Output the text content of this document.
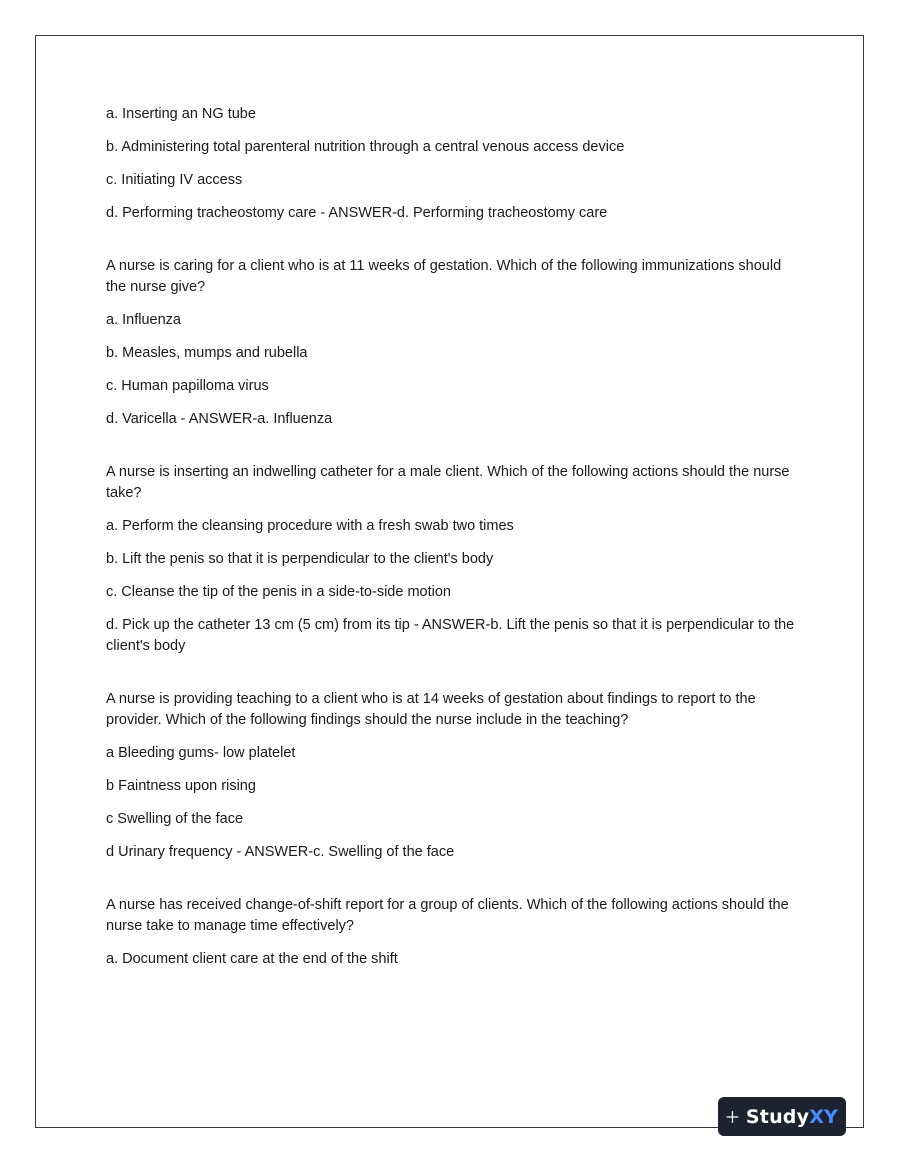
a. Inserting an NG tube

b. Administering total parenteral nutrition through a central venous access device

c. Initiating IV access

d. Performing tracheostomy care - ANSWER-d. Performing tracheostomy care

A nurse is caring for a client who is at 11 weeks of gestation. Which of the following immunizations should the nurse give?

a. Influenza

b. Measles, mumps and rubella

c. Human papilloma virus

d. Varicella - ANSWER-a. Influenza

A nurse is inserting an indwelling catheter for a male client. Which of the following actions should the nurse take?

a. Perform the cleansing procedure with a fresh swab two times

b. Lift the penis so that it is perpendicular to the client's body

c. Cleanse the tip of the penis in a side-to-side motion

d. Pick up the catheter 13 cm (5 cm) from its tip - ANSWER-b. Lift the penis so that it is perpendicular to the client's body

A nurse is providing teaching to a client who is at 14 weeks of gestation about findings to report to the provider. Which of the following findings should the nurse include in the teaching?

a Bleeding gums- low platelet

b Faintness upon rising

c Swelling of the face

d Urinary frequency - ANSWER-c. Swelling of the face

A nurse has received change-of-shift report for a group of clients. Which of the following actions should the nurse take to manage time effectively?

a. Document client care at the end of the shift

StudyXY
